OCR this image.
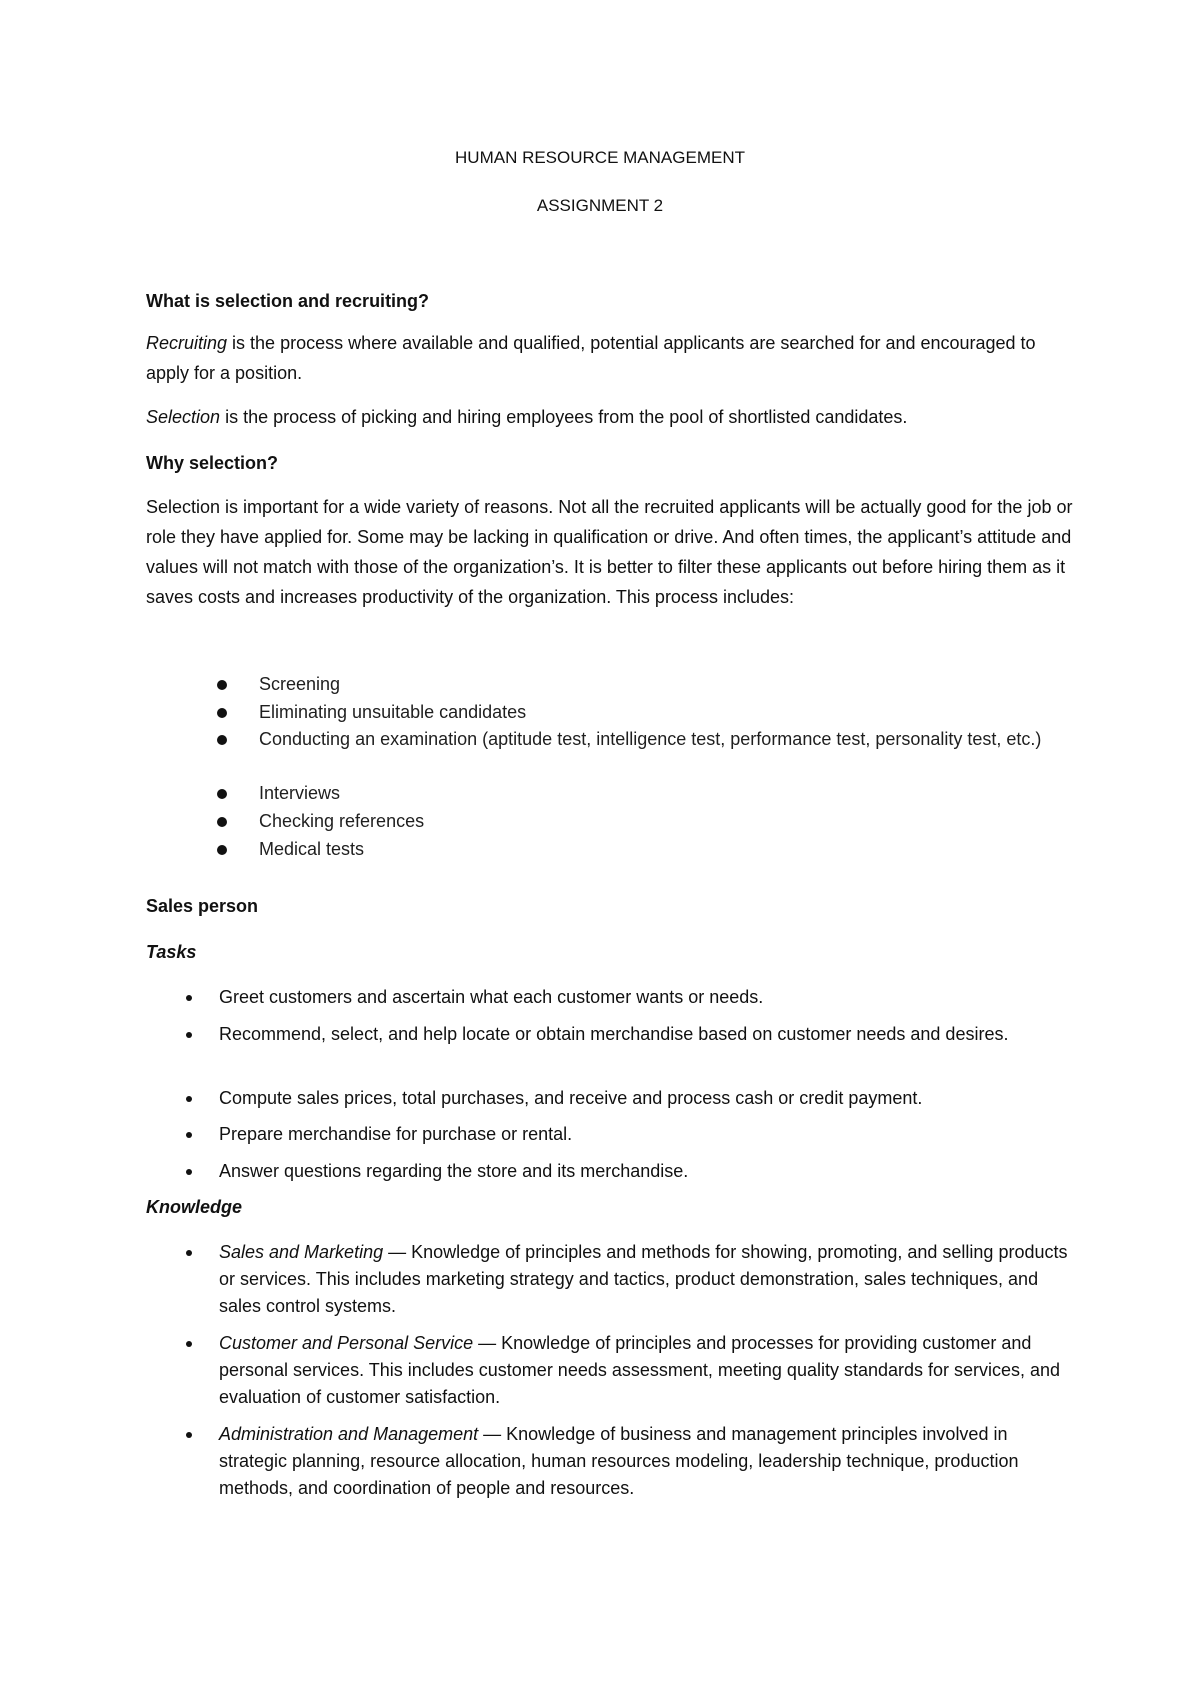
HUMAN RESOURCE MANAGEMENT
ASSIGNMENT 2
What is selection and recruiting?
Recruiting is the process where available and qualified, potential applicants are searched for and encouraged to apply for a position.
Selection is the process of picking and hiring employees from the pool of shortlisted candidates.
Why selection?
Selection is important for a wide variety of reasons. Not all the recruited applicants will be actually good for the job or role they have applied for. Some may be lacking in qualification or drive. And often times, the applicant’s attitude and values will not match with those of the organization’s. It is better to filter these applicants out before hiring them as it saves costs and increases productivity of the organization. This process includes:
Screening
Eliminating unsuitable candidates
Conducting an examination (aptitude test, intelligence test, performance test, personality test, etc.)
Interviews
Checking references
Medical tests
Sales person
Tasks
Greet customers and ascertain what each customer wants or needs.
Recommend, select, and help locate or obtain merchandise based on customer needs and desires.
Compute sales prices, total purchases, and receive and process cash or credit payment.
Prepare merchandise for purchase or rental.
Answer questions regarding the store and its merchandise.
Knowledge
Sales and Marketing — Knowledge of principles and methods for showing, promoting, and selling products or services. This includes marketing strategy and tactics, product demonstration, sales techniques, and sales control systems.
Customer and Personal Service — Knowledge of principles and processes for providing customer and personal services. This includes customer needs assessment, meeting quality standards for services, and evaluation of customer satisfaction.
Administration and Management — Knowledge of business and management principles involved in strategic planning, resource allocation, human resources modeling, leadership technique, production methods, and coordination of people and resources.
